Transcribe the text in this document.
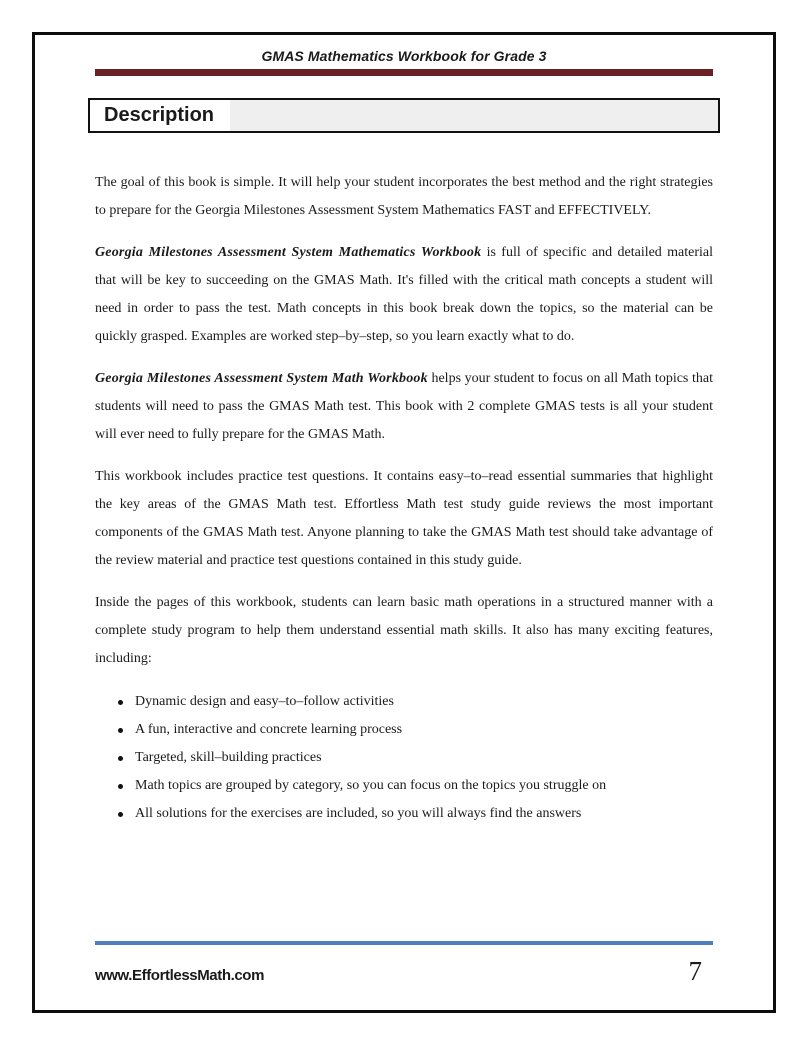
GMAS Mathematics Workbook for Grade 3
Description

The goal of this book is simple. It will help your student incorporates the best method and the right strategies to prepare for the Georgia Milestones Assessment System Mathematics FAST and EFFECTIVELY.

Georgia Milestones Assessment System Mathematics Workbook is full of specific and detailed material that will be key to succeeding on the GMAS Math. It's filled with the critical math concepts a student will need in order to pass the test. Math concepts in this book break down the topics, so the material can be quickly grasped. Examples are worked step–by–step, so you learn exactly what to do.

Georgia Milestones Assessment System Math Workbook helps your student to focus on all Math topics that students will need to pass the GMAS Math test. This book with 2 complete GMAS tests is all your student will ever need to fully prepare for the GMAS Math.

This workbook includes practice test questions. It contains easy–to–read essential summaries that highlight the key areas of the GMAS Math test. Effortless Math test study guide reviews the most important components of the GMAS Math test. Anyone planning to take the GMAS Math test should take advantage of the review material and practice test questions contained in this study guide.

Inside the pages of this workbook, students can learn basic math operations in a structured manner with a complete study program to help them understand essential math skills. It also has many exciting features, including:

Dynamic design and easy–to–follow activities
A fun, interactive and concrete learning process
Targeted, skill–building practices
Math topics are grouped by category, so you can focus on the topics you struggle on
All solutions for the exercises are included, so you will always find the answers
www.EffortlessMath.com	7
